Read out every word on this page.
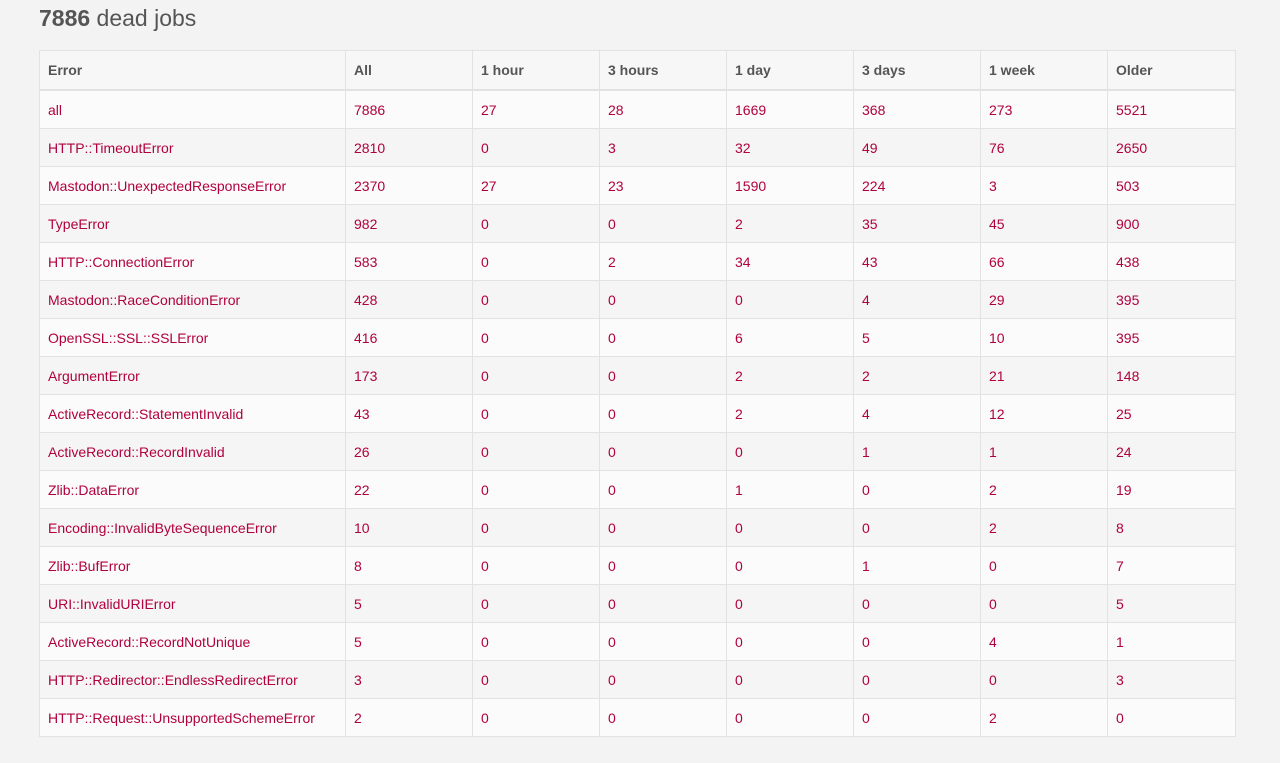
7886 dead jobs
Error	All	1 hour	3 hours	1 day	3 days	1 week	Older
all	7886	27	28	1669	368	273	5521
HTTP::TimeoutError	2810	0	3	32	49	76	2650
Mastodon::UnexpectedResponseError	2370	27	23	1590	224	3	503
TypeError	982	0	0	2	35	45	900
HTTP::ConnectionError	583	0	2	34	43	66	438
Mastodon::RaceConditionError	428	0	0	0	4	29	395
OpenSSL::SSL::SSLError	416	0	0	6	5	10	395
ArgumentError	173	0	0	2	2	21	148
ActiveRecord::StatementInvalid	43	0	0	2	4	12	25
ActiveRecord::RecordInvalid	26	0	0	0	1	1	24
Zlib::DataError	22	0	0	1	0	2	19
Encoding::InvalidByteSequenceError	10	0	0	0	0	2	8
Zlib::BufError	8	0	0	0	1	0	7
URI::InvalidURIError	5	0	0	0	0	0	5
ActiveRecord::RecordNotUnique	5	0	0	0	0	4	1
HTTP::Redirector::EndlessRedirectError	3	0	0	0	0	0	3
HTTP::Request::UnsupportedSchemeError	2	0	0	0	0	2	0
